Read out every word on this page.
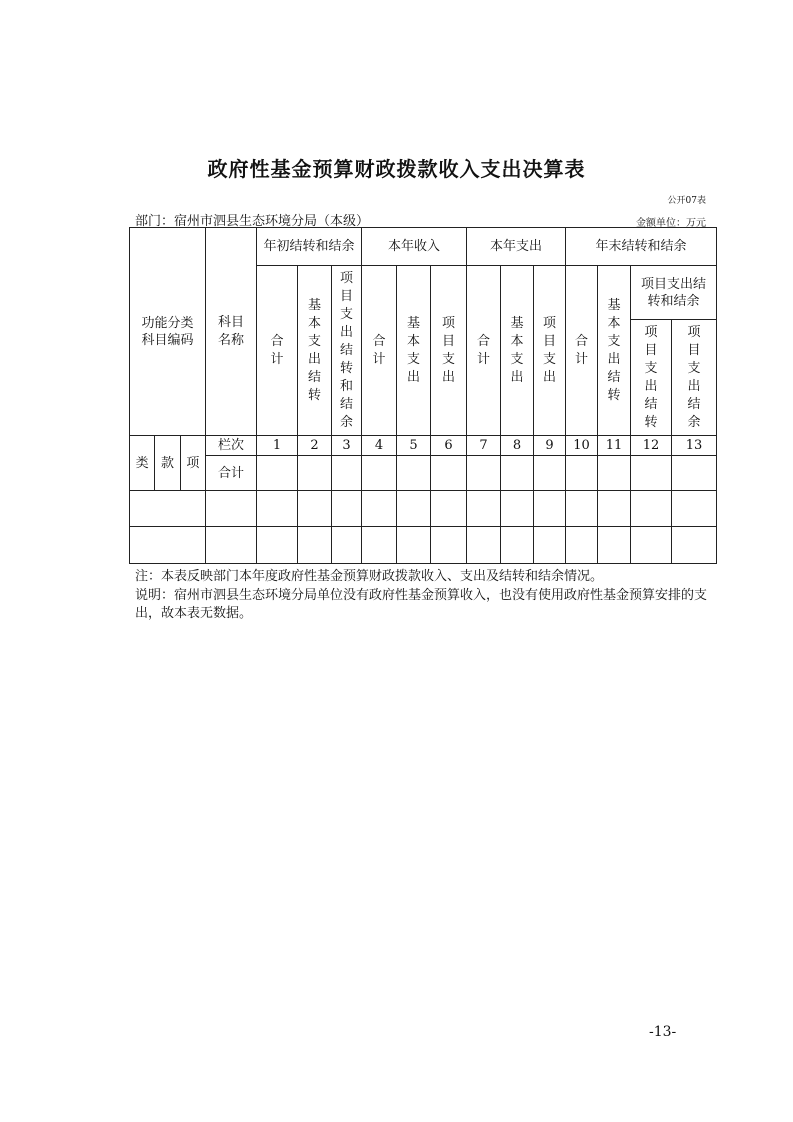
政府性基金预算财政拨款收入支出决算表
公开07表
部门：宿州市泗县生态环境分局（本级）	金额单位：万元
功能分类科目编码	科目名称	年初结转和结余			本年收入			本年支出			年末结转和结余			
		合计	基本支出结转	项目支出结转和结余	合计	基本支出	项目支出	合计	基本支出	项目支出	合计	基本支出结转	项目支出结转和结余	
													项目支出结转	项目支出结余

类 款 项	栏次	1	2	3	4	5	6	7	8	9	10	11	12	13
	合计													

注：本表反映部门本年度政府性基金预算财政拨款收入、支出及结转和结余情况。
说明：宿州市泗县生态环境分局单位没有政府性基金预算收入，也没有使用政府性基金预算安排的支出，故本表无数据。
-13-
